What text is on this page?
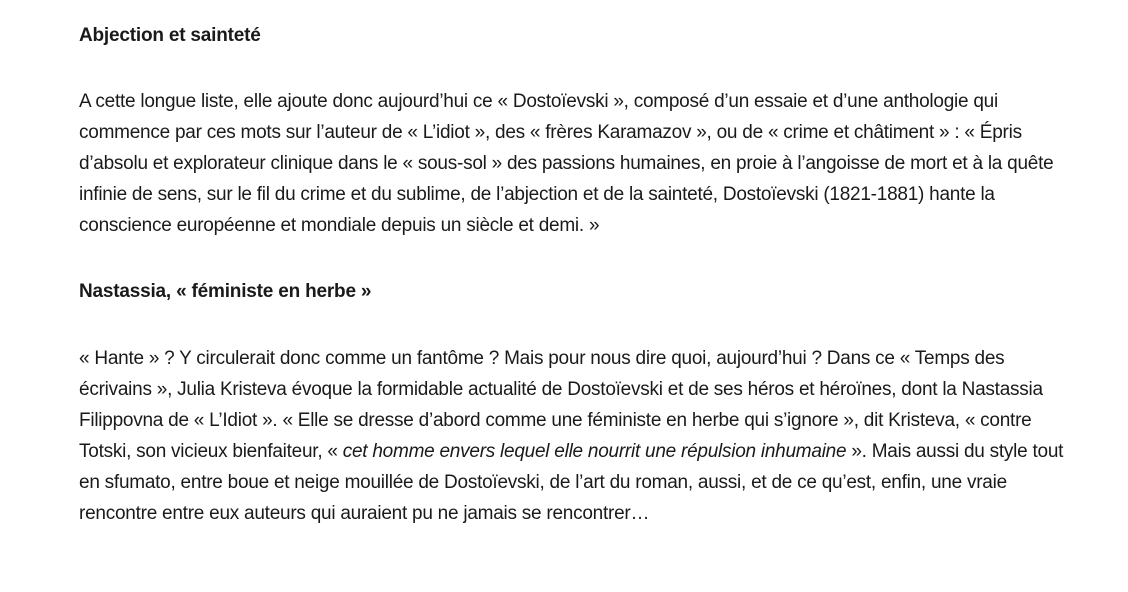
Abjection et sainteté

A cette longue liste, elle ajoute donc aujourd’hui ce « Dostoïevski », composé d’un essaie et d’une anthologie qui commence par ces mots sur l’auteur de « L’idiot », des « frères Karamazov », ou de « crime et châtiment » : « Épris d’absolu et explorateur clinique dans le « sous-sol » des passions humaines, en proie à l’angoisse de mort et à la quête infinie de sens, sur le fil du crime et du sublime, de l’abjection et de la sainteté, Dostoïevski (1821-1881) hante la conscience européenne et mondiale depuis un siècle et demi. »

Nastassia, « féministe en herbe »

« Hante » ? Y circulerait donc comme un fantôme ? Mais pour nous dire quoi, aujourd’hui ? Dans ce « Temps des écrivains », Julia Kristeva évoque la formidable actualité de Dostoïevski et de ses héros et héroïnes, dont la Nastassia Filippovna de « L’Idiot ». « Elle se dresse d’abord comme une féministe en herbe qui s’ignore », dit Kristeva, « contre Totski, son vicieux bienfaiteur, « cet homme envers lequel elle nourrit une répulsion inhumaine ». Mais aussi du style tout en sfumato, entre boue et neige mouillée de Dostoïevski, de l’art du roman, aussi, et de ce qu’est, enfin, une vraie rencontre entre eux auteurs qui auraient pu ne jamais se rencontrer…
